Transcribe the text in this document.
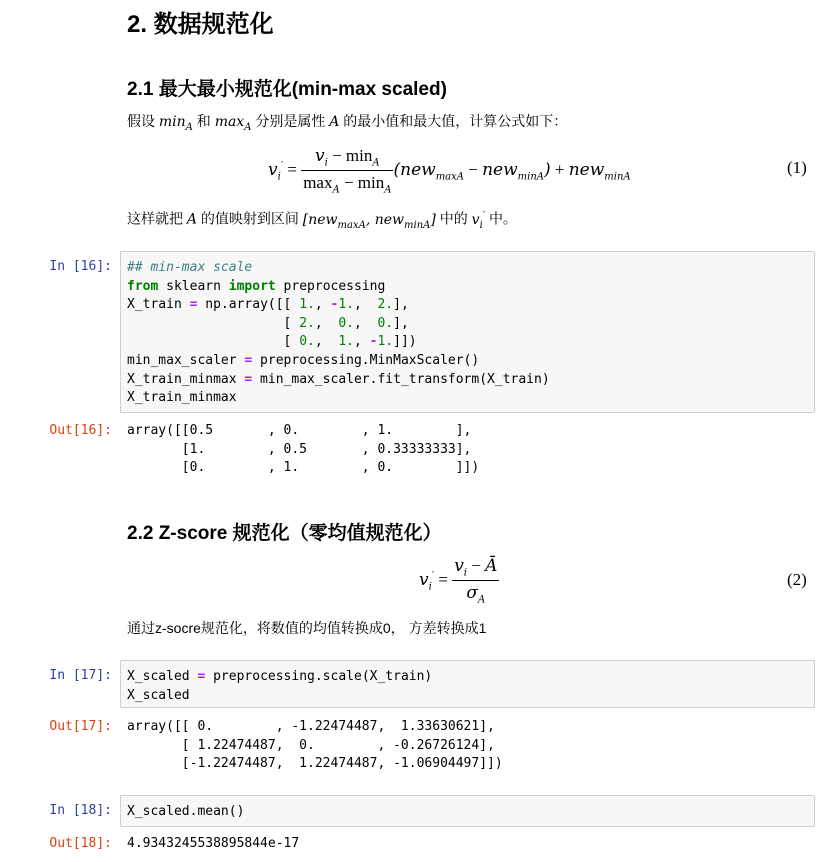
2. 数据规范化
2.1 最大最小规范化(min-max scaled)
假设 $\min_A$ 和 $\max_A$ 分别是属性 A 的最小值和最大值，计算公式如下：
$v_i' = \frac{v_i - \min_A}{\max_A - \min_A} (new_{maxA} - new_{minA}) + new_{minA}$	(1)
这样就把 A 的值映射到区间 [new$_{maxA}$, new$_{minA}$] 中的 $v_i'$ 中。
In [16]:	## min-max scale
from sklearn import preprocessing
X_train = np.array([[ 1., -1.,  2.],
[ 2.,  0.,  0.],
[ 0.,  1., -1.]])
min_max_scaler = preprocessing.MinMaxScaler()
X_train_minmax = min_max_scaler.fit_transform(X_train)
X_train_minmax
Out[16]: array([[0.5       , 0.        , 1.        ],
[1.        , 0.5       , 0.33333333],
[0.        , 1.        , 0.        ]])
2.2 Z-score 规范化（零均值规范化）
$v_i' = \frac{v_i - Ā}{\sigma_A}$	(2)
通过z-socre规范化，将数值的均值转换成0， 方差转换成1
In [17]:	X_scaled = preprocessing.scale(X_train)
X_scaled
Out[17]: array([[ 0.        , -1.22474487,  1.33630621],
[ 1.22474487,  0.        , -0.26726124],
[-1.22474487,  1.22474487, -1.06904497]])
In [18]:	X_scaled.mean()
Out[18]: 4.9343245538895844e-17
